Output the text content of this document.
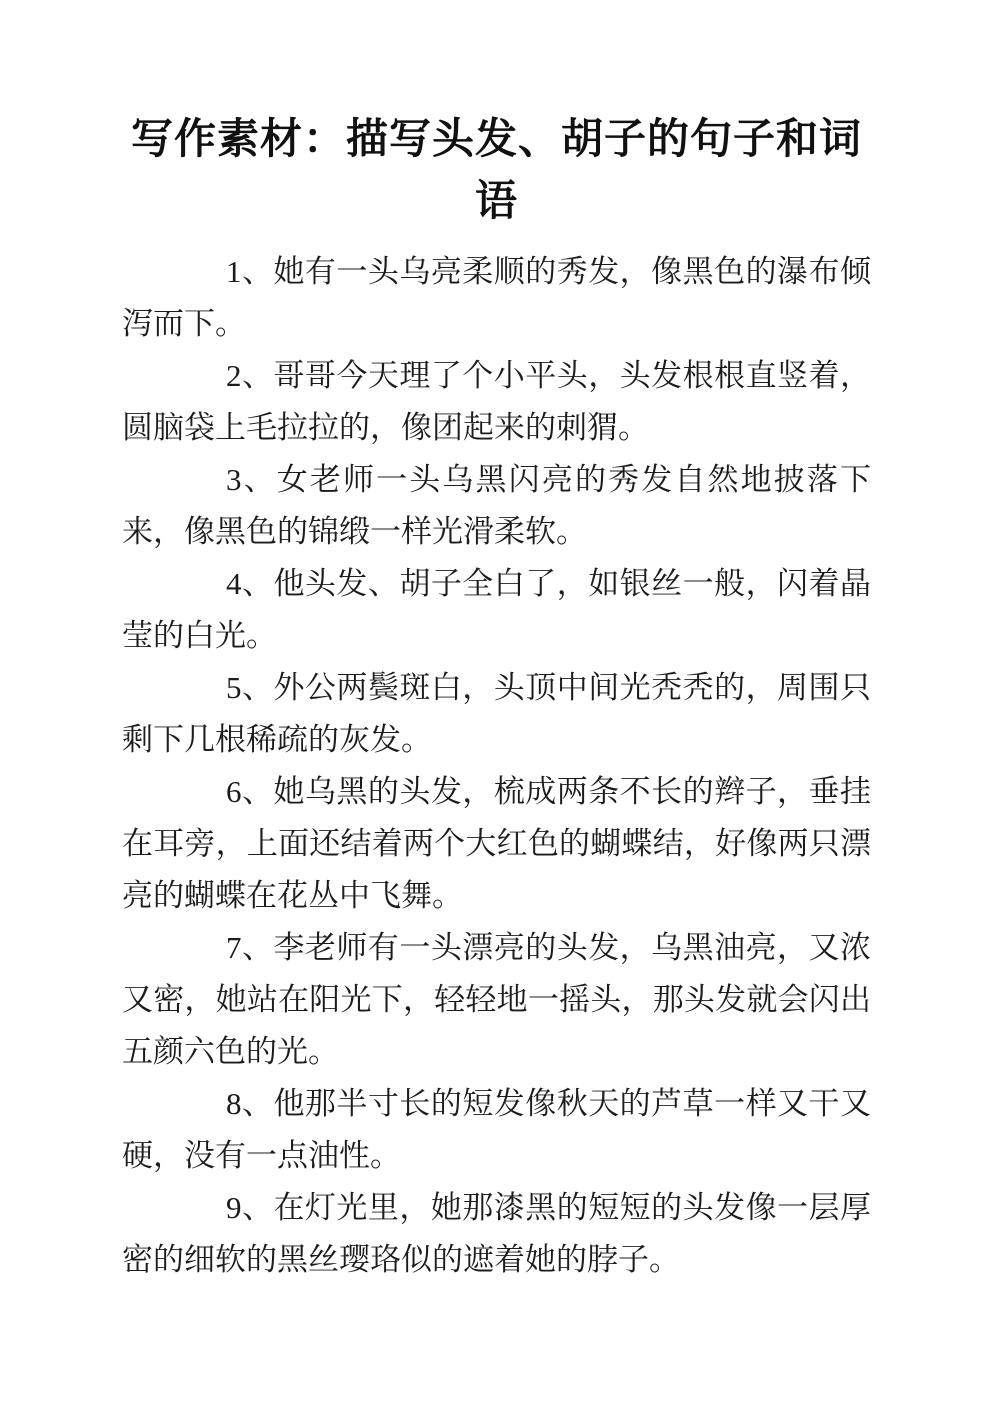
写作素材：描写头发、胡子的句子和词语

1、她有一头乌亮柔顺的秀发，像黑色的瀑布倾泻而下。

2、哥哥今天理了个小平头，头发根根直竖着，圆脑袋上毛拉拉的，像团起来的刺猬。

3、女老师一头乌黑闪亮的秀发自然地披落下来，像黑色的锦缎一样光滑柔软。

4、他头发、胡子全白了，如银丝一般，闪着晶莹的白光。

5、外公两鬓斑白，头顶中间光秃秃的，周围只剩下几根稀疏的灰发。

6、她乌黑的头发，梳成两条不长的辫子，垂挂在耳旁，上面还结着两个大红色的蝴蝶结，好像两只漂亮的蝴蝶在花丛中飞舞。

7、李老师有一头漂亮的头发，乌黑油亮，又浓又密，她站在阳光下，轻轻地一摇头，那头发就会闪出五颜六色的光。

8、他那半寸长的短发像秋天的芦草一样又干又硬，没有一点油性。

9、在灯光里，她那漆黑的短短的头发像一层厚密的细软的黑丝璎珞似的遮着她的脖子。
